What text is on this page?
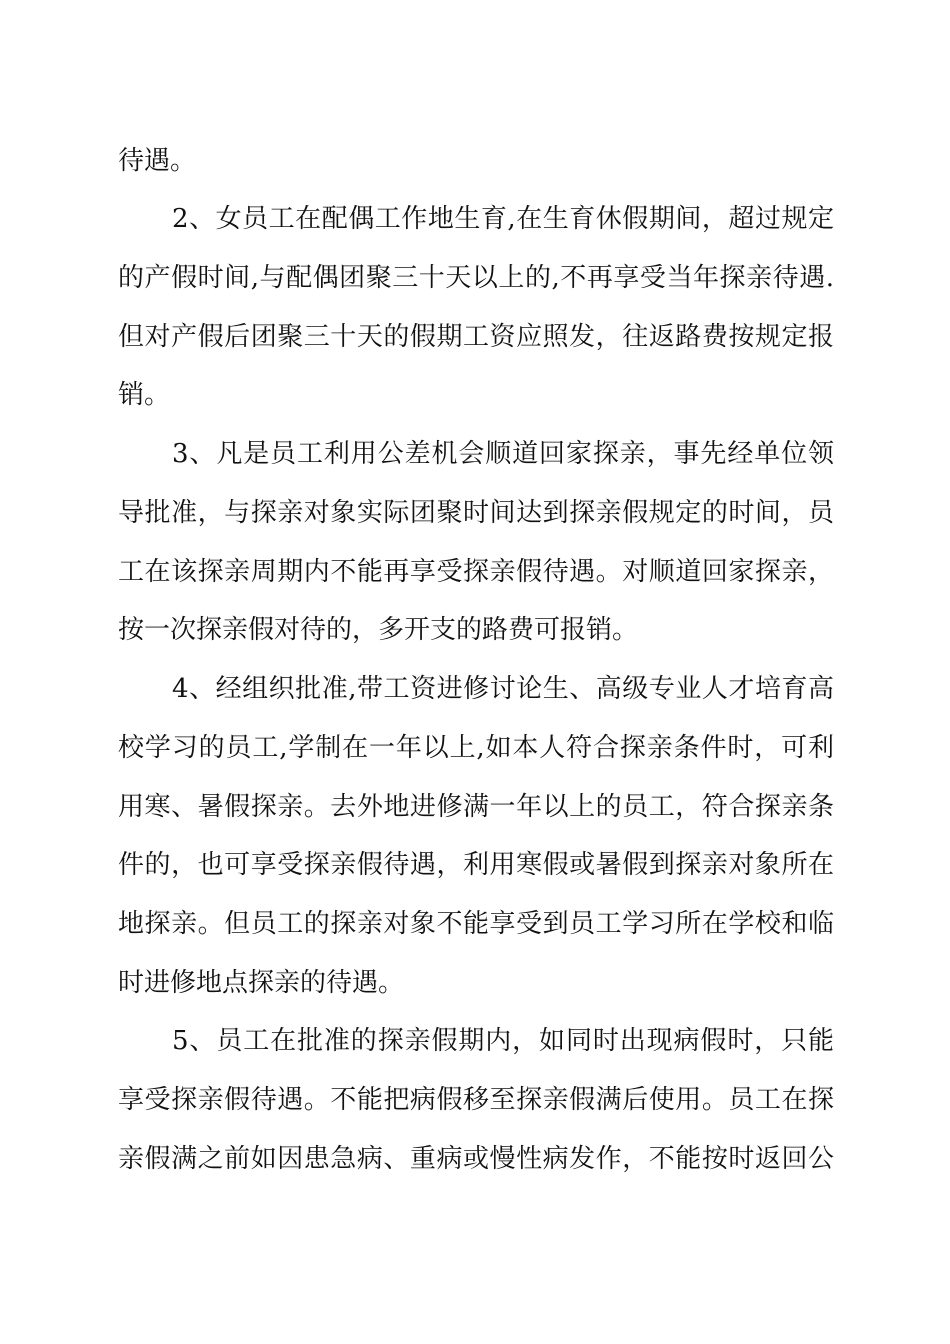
待遇。
2、女员工在配偶工作地生育,在生育休假期间，超过规定
的产假时间,与配偶团聚三十天以上的,不再享受当年探亲待遇.
但对产假后团聚三十天的假期工资应照发，往返路费按规定报
销。
3、凡是员工利用公差机会顺道回家探亲，事先经单位领
导批准，与探亲对象实际团聚时间达到探亲假规定的时间，员
工在该探亲周期内不能再享受探亲假待遇。对顺道回家探亲，
按一次探亲假对待的，多开支的路费可报销。
4、经组织批准,带工资进修讨论生、高级专业人才培育高
校学习的员工,学制在一年以上,如本人符合探亲条件时，可利
用寒、暑假探亲。去外地进修满一年以上的员工，符合探亲条
件的，也可享受探亲假待遇，利用寒假或暑假到探亲对象所在
地探亲。但员工的探亲对象不能享受到员工学习所在学校和临
时进修地点探亲的待遇。
5、员工在批准的探亲假期内，如同时出现病假时，只能
享受探亲假待遇。不能把病假移至探亲假满后使用。员工在探
亲假满之前如因患急病、重病或慢性病发作，不能按时返回公
